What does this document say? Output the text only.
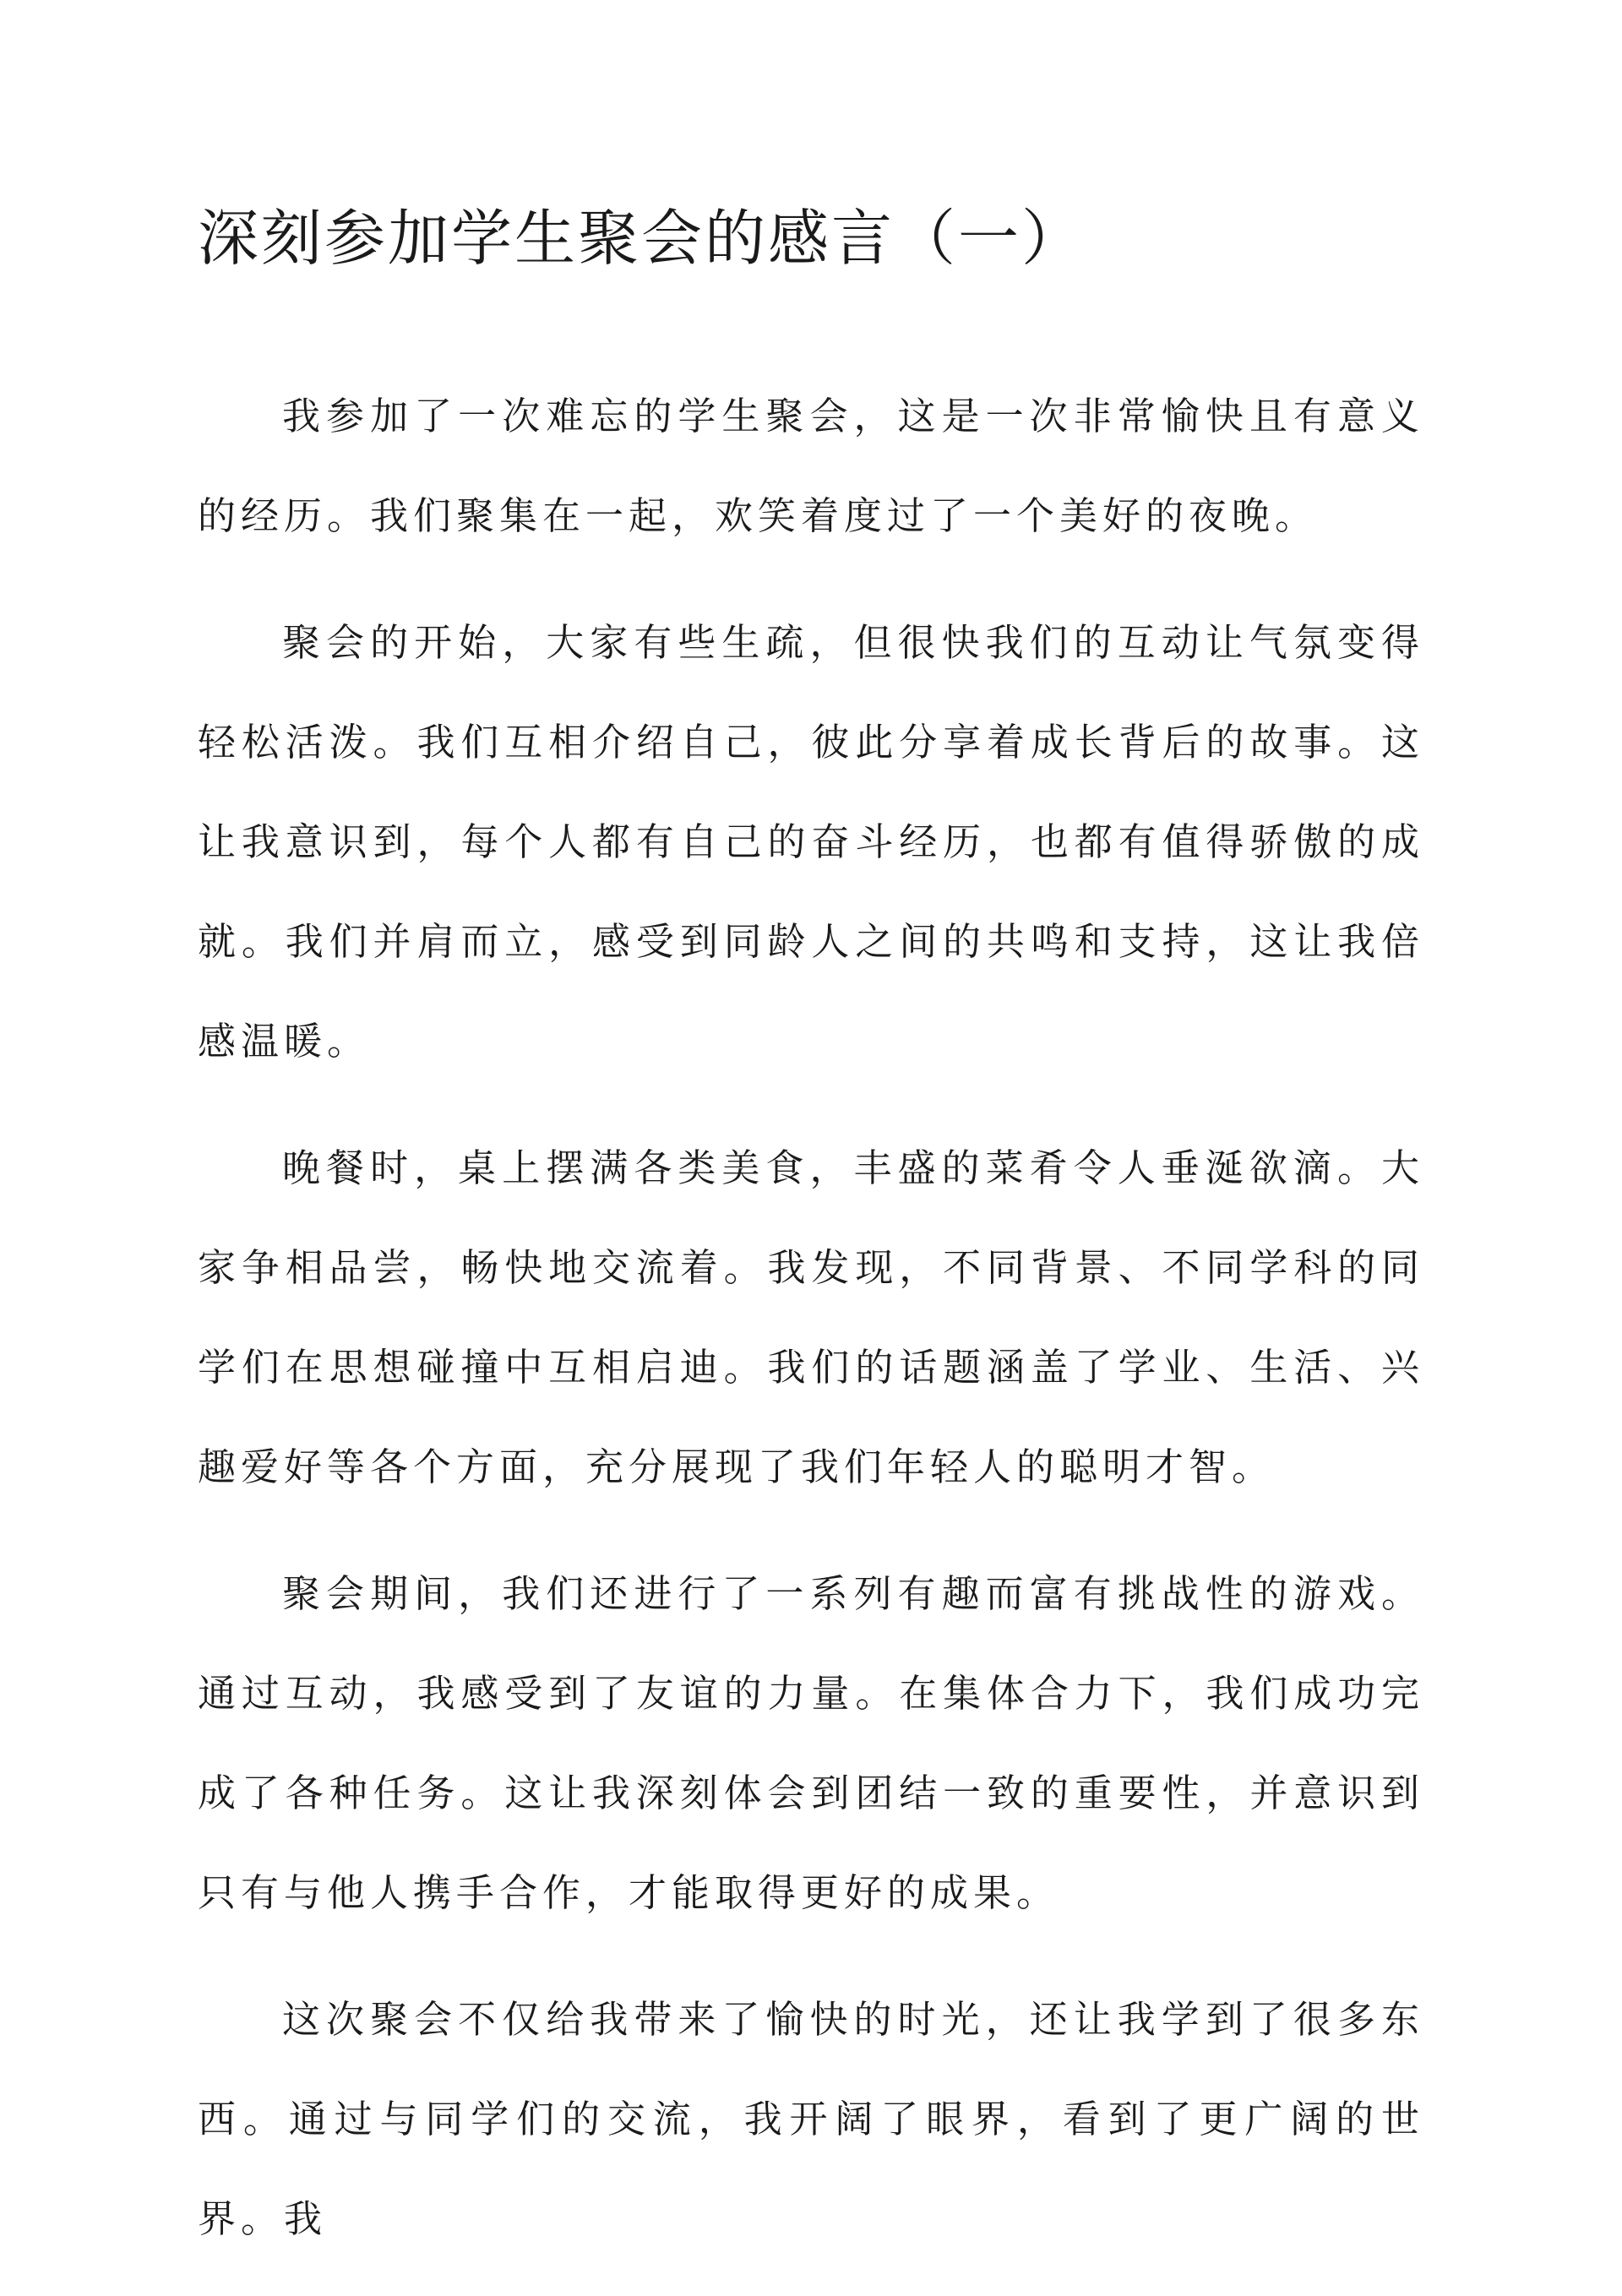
深刻参加学生聚会的感言（一）

我参加了一次难忘的学生聚会，这是一次非常愉快且有意义的经历。我们聚集在一起，欢笑着度过了一个美好的夜晚。

聚会的开始，大家有些生疏，但很快我们的互动让气氛变得轻松活泼。我们互相介绍自己，彼此分享着成长背后的故事。这让我意识到，每个人都有自己的奋斗经历，也都有值得骄傲的成就。我们并肩而立，感受到同龄人之间的共鸣和支持，这让我倍感温暖。

晚餐时，桌上摆满各类美食，丰盛的菜肴令人垂涎欲滴。大家争相品尝，畅快地交流着。我发现，不同背景、不同学科的同学们在思想碰撞中互相启迪。我们的话题涵盖了学业、生活、兴趣爱好等各个方面，充分展现了我们年轻人的聪明才智。

聚会期间，我们还进行了一系列有趣而富有挑战性的游戏。通过互动，我感受到了友谊的力量。在集体合力下，我们成功完成了各种任务。这让我深刻体会到团结一致的重要性，并意识到只有与他人携手合作，才能取得更好的成果。

这次聚会不仅给我带来了愉快的时光，还让我学到了很多东西。通过与同学们的交流，我开阔了眼界，看到了更广阔的世界。我
